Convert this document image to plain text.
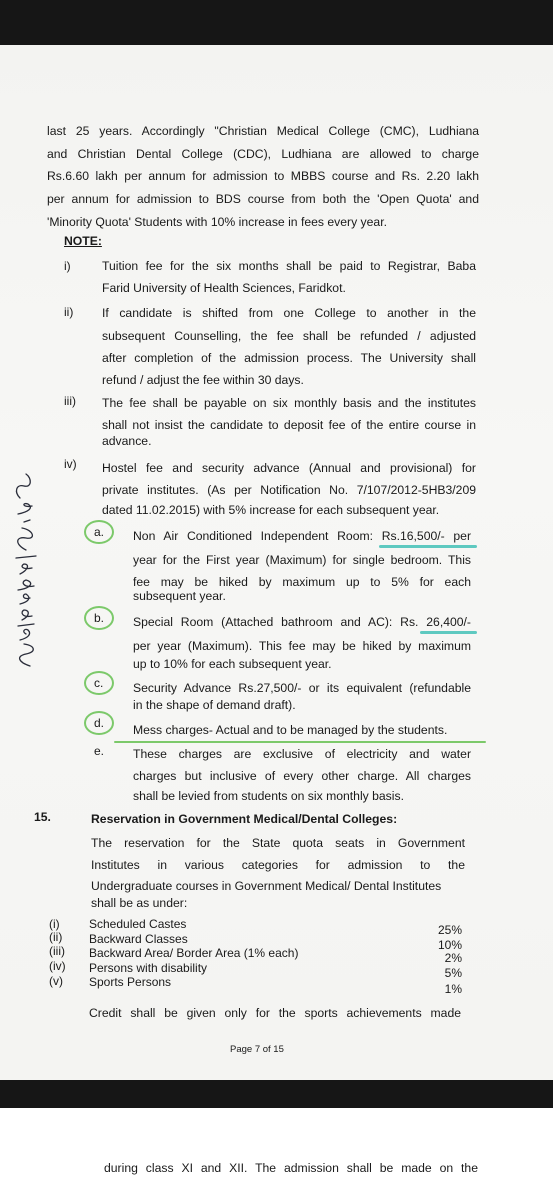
last 25 years. Accordingly "Christian Medical College (CMC), Ludhiana
and Christian Dental College (CDC), Ludhiana are allowed to charge
Rs.6.60 lakh per annum for admission to MBBS course and Rs. 2.20 lakh
per annum for admission to BDS course from both the 'Open Quota' and
'Minority Quota' Students with 10% increase in fees every year.
NOTE:
i)	Tuition fee for the six months shall be paid to Registrar, Baba
Farid University of Health Sciences, Faridkot.
ii) If candidate is shifted from one College to another in the
subsequent Counselling, the fee shall be refunded / adjusted
after completion of the admission process. The University shall
refund / adjust the fee within 30 days.
iii) The fee shall be payable on six monthly basis and the institutes
shall not insist the candidate to deposit fee of the entire course in
advance.
iv) Hostel fee and security advance (Annual and provisional) for
private institutes. (As per Notification No. 7/107/2012-5HB3/209
dated 11.02.2015) with 5% increase for each subsequent year.
a. Non Air Conditioned Independent Room: Rs.16,500/- per
year for the First year (Maximum) for single bedroom. This
fee may be hiked by maximum up to 5% for each
subsequent year.
b. Special Room (Attached bathroom and AC): Rs. 26,400/-
per year (Maximum). This fee may be hiked by maximum
up to 10% for each subsequent year.
c. Security Advance Rs.27,500/- or its equivalent (refundable
in the shape of demand draft).
d. Mess charges- Actual and to be managed by the students.
e. These charges are exclusive of electricity and water
charges but inclusive of every other charge. All charges
shall be levied from students on six monthly basis.
15.	Reservation in Government Medical/Dental Colleges:
The reservation for the State quota seats in Government
Institutes in various categories for admission to the
Undergraduate courses in Government Medical/ Dental Institutes
shall be as under:
(i) Scheduled Castes	25%
(ii) Backward Classes	10%
(iii) Backward Area/ Border Area (1% each)	2%
(iv) Persons with disability	5%
(v) Sports Persons	1%
Credit shall be given only for the sports achievements made
Page 7 of 15
during class XI and XII. The admission shall be made on the
